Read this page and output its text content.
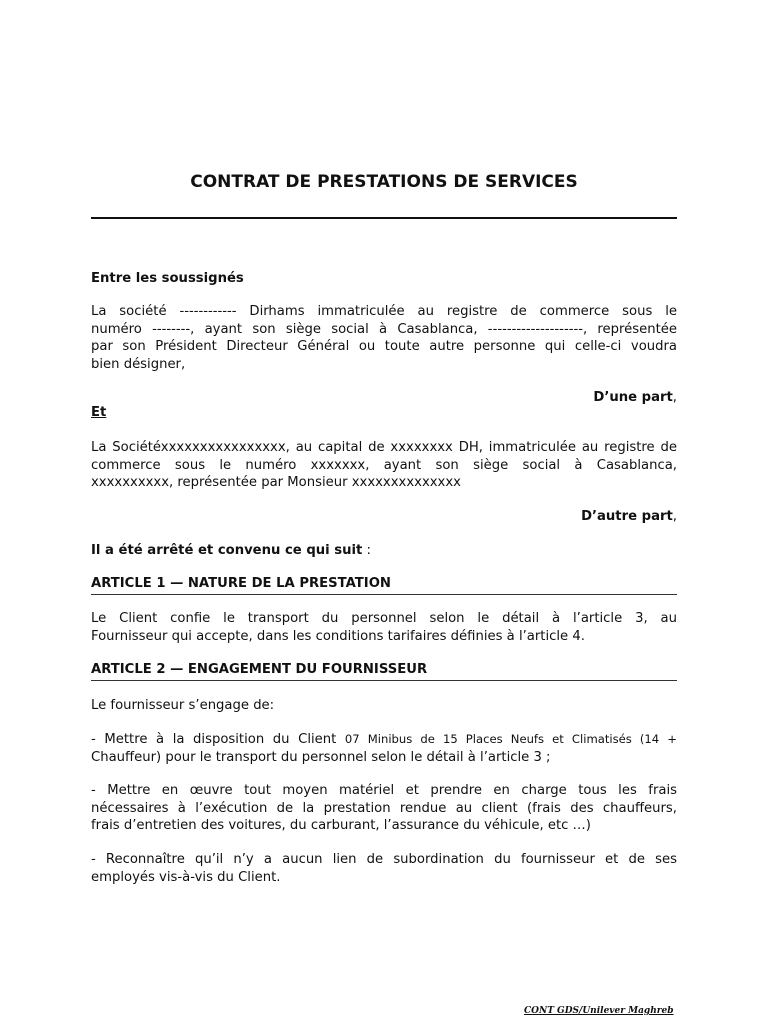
CONTRAT DE PRESTATIONS DE SERVICES
Entre les soussignés
La société ------------ Dirhams immatriculée au registre de commerce sous le
numéro --------, ayant son siège social à Casablanca, --------------------, représentée
par son Président Directeur Général ou toute autre personne qui celle-ci voudra
bien désigner,
D’une part,
Et
La Sociétéxxxxxxxxxxxxxxxx, au capital de xxxxxxxx DH, immatriculée au registre de
commerce sous le numéro xxxxxxx, ayant son siège social à Casablanca,
xxxxxxxxxx, représentée par Monsieur xxxxxxxxxxxxxx
D’autre part,
Il a été arrêté et convenu ce qui suit :
ARTICLE 1 — NATURE DE LA PRESTATION
Le Client confie le transport du personnel selon le détail à l’article 3, au
Fournisseur qui accepte, dans les conditions tarifaires définies à l’article 4.
ARTICLE 2 — ENGAGEMENT DU FOURNISSEUR
Le fournisseur s’engage de:
- Mettre à la disposition du Client 07 Minibus de 15 Places Neufs et Climatisés (14 +
Chauffeur) pour le transport du personnel selon le détail à l’article 3 ;
- Mettre en œuvre tout moyen matériel et prendre en charge tous les frais
nécessaires à l’exécution de la prestation rendue au client (frais des chauffeurs,
frais d’entretien des voitures, du carburant, l’assurance du véhicule, etc …)
- Reconnaître qu’il n’y a aucun lien de subordination du fournisseur et de ses
employés vis-à-vis du Client.
CONT GDS/Unilever Maghreb
